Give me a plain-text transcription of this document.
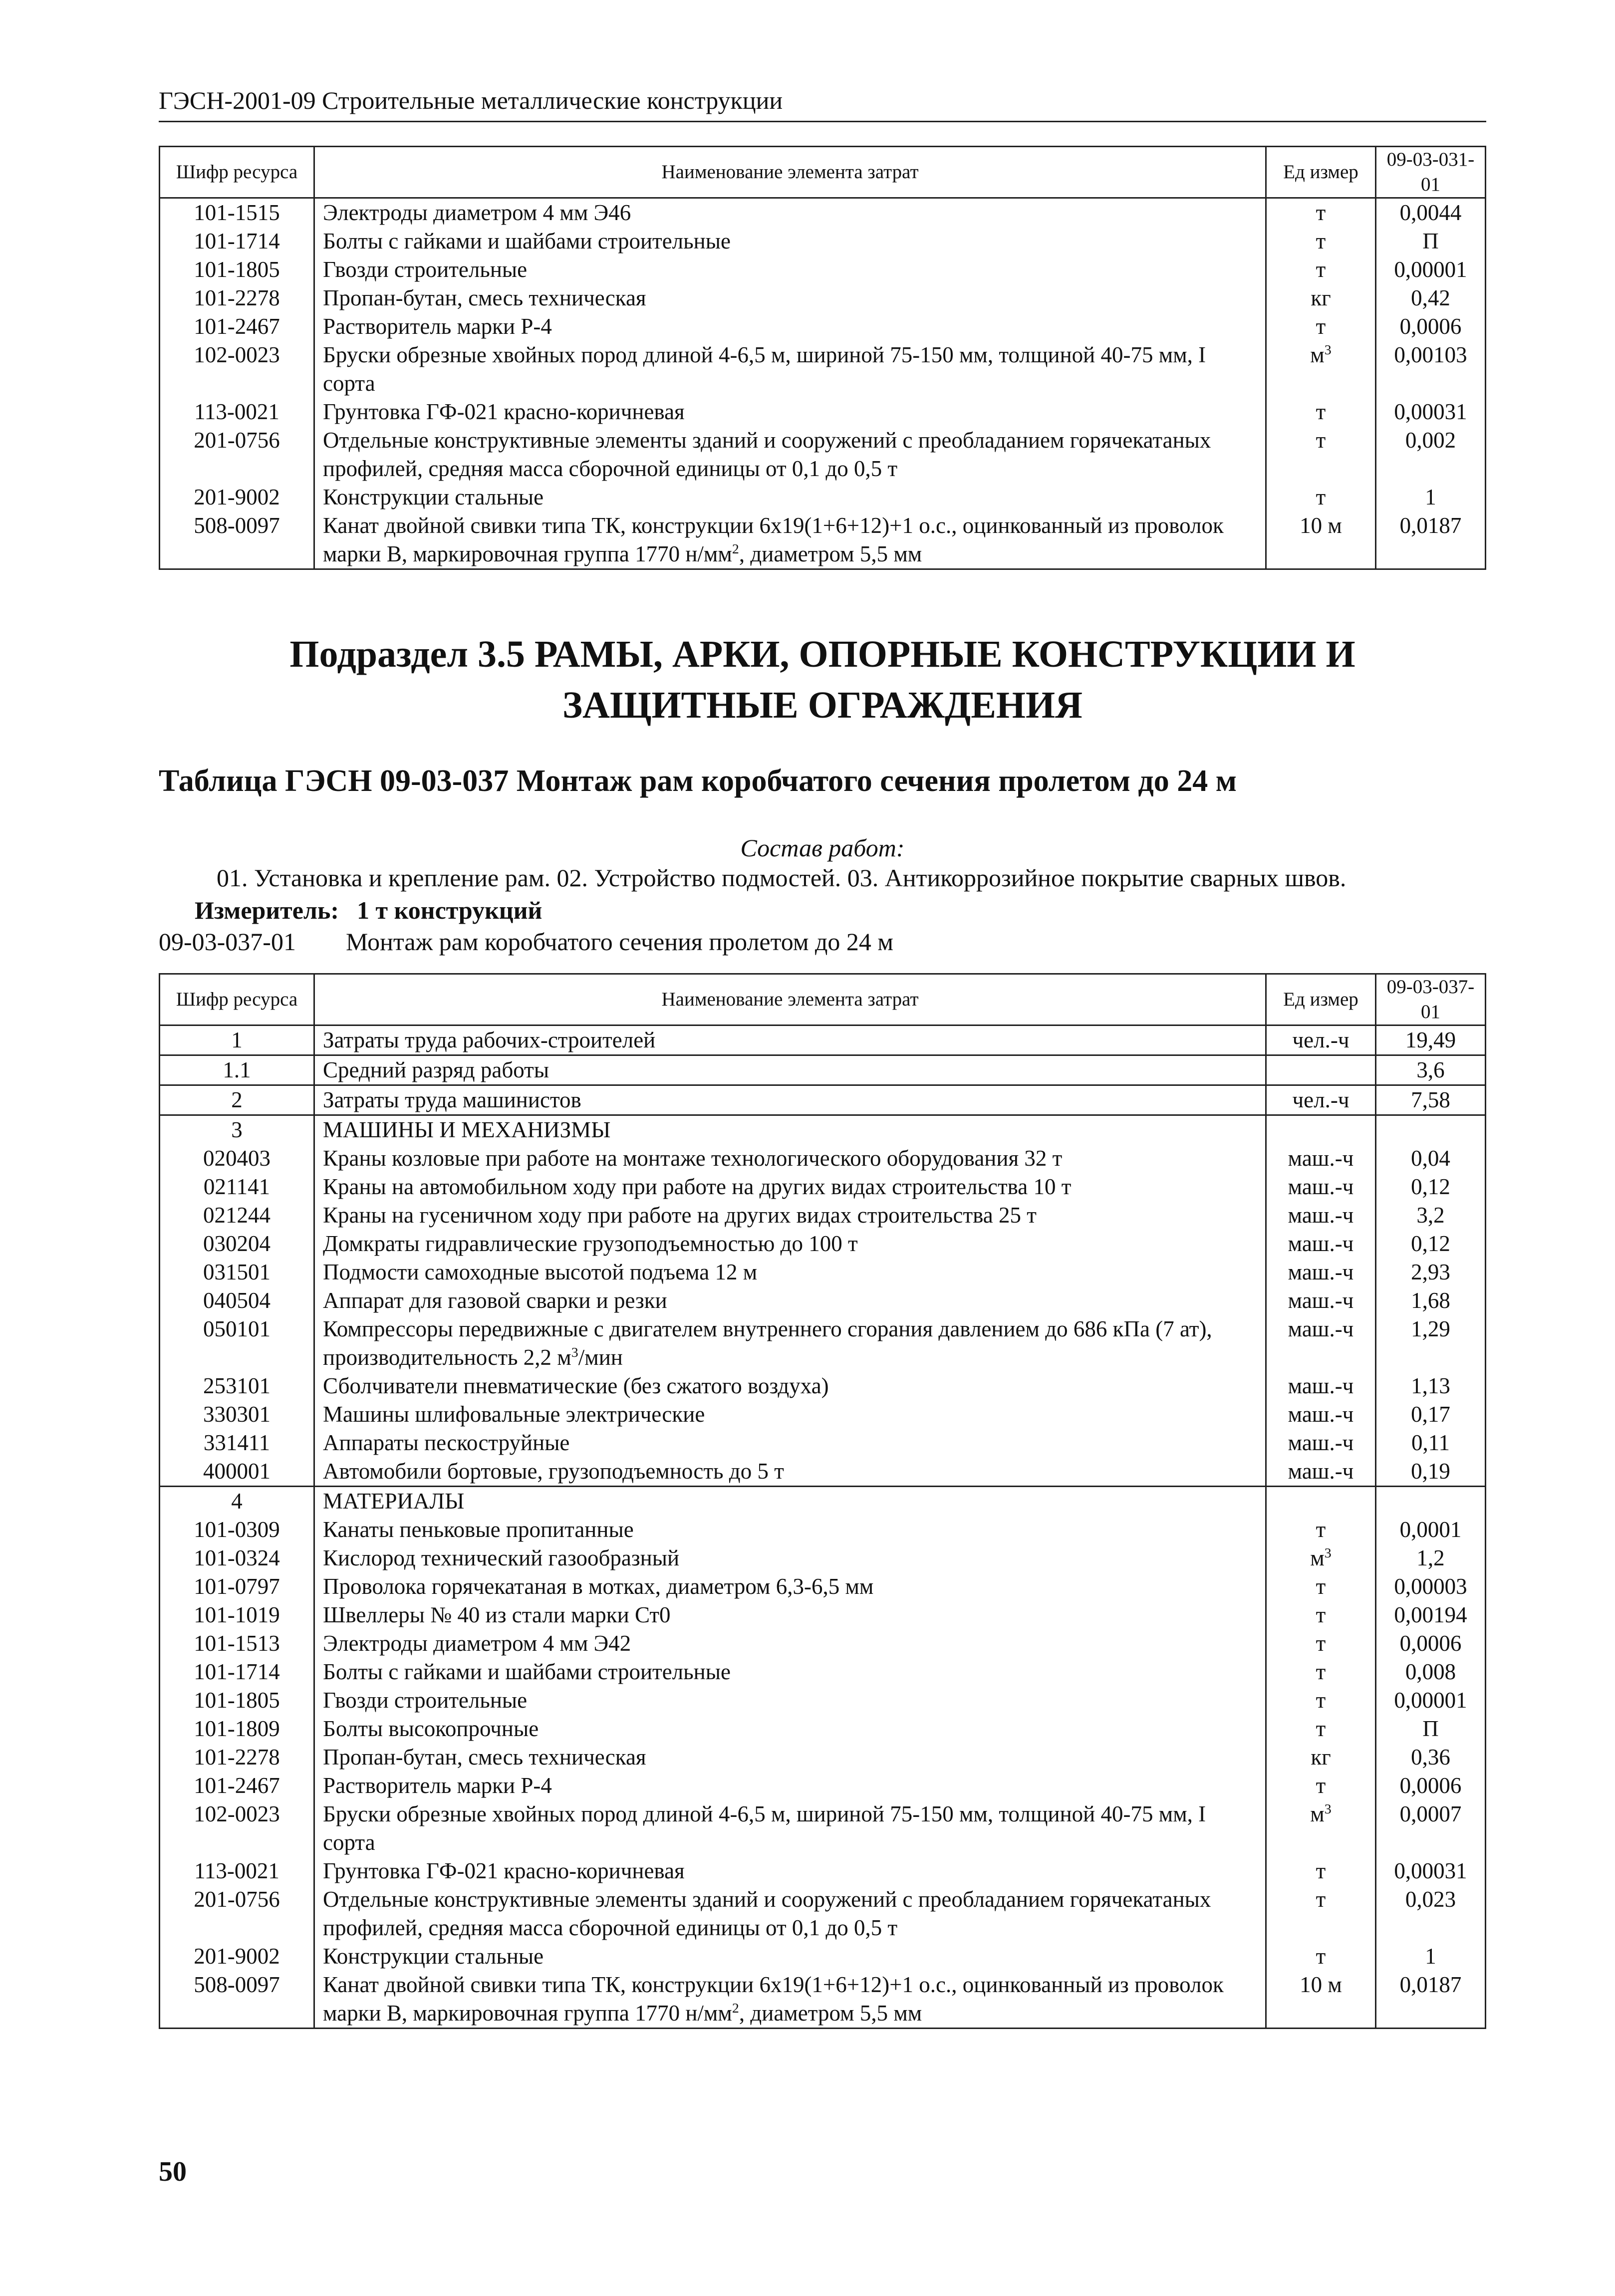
ГЭСН-2001-09 Строительные металлические конструкции
Шифр ресурса	Наименование элемента затрат	Ед измер	09-03-031-01
101-1515	Электроды диаметром 4 мм Э46	т	0,0044
101-1714	Болты с гайками и шайбами строительные	т	П
101-1805	Гвозди строительные	т	0,00001
101-2278	Пропан-бутан, смесь техническая	кг	0,42
101-2467	Растворитель марки Р-4	т	0,0006
102-0023	Бруски обрезные хвойных пород длиной 4-6,5 м, шириной 75-150 мм, толщиной 40-75 мм, I сорта	$м^3$	0,00103
113-0021	Грунтовка ГФ-021 красно-коричневая	т	0,00031
201-0756	Отдельные конструктивные элементы зданий и сооружений с преобладанием горячекатаных профилей, средняя масса сборочной единицы от 0,1 до 0,5 т	т	0,002
201-9002	Конструкции стальные	т	1
508-0097	Канат двойной свивки типа ТК, конструкции 6х19(1+6+12)+1 о.с., оцинкованный из проволок марки В, маркировочная группа 1770 $н/мм^2$, диаметром 5,5 мм	10 м	0,0187
Подраздел 3.5 РАМЫ, АРКИ, ОПОРНЫЕ КОНСТРУКЦИИ И
ЗАЩИТНЫЕ ОГРАЖДЕНИЯ
Таблица ГЭСН 09-03-037 Монтаж рам коробчатого сечения пролетом до 24 м
Состав работ:
01. Установка и крепление рам. 02. Устройство подмостей. 03. Антикоррозийное покрытие сварных швов.
Измеритель: 1 т конструкций
09-03-037-01 Монтаж рам коробчатого сечения пролетом до 24 м
Шифр ресурса	Наименование элемента затрат	Ед измер	09-03-037-01
1	Затраты труда рабочих-строителей	чел.-ч	19,49
1.1	Средний разряд работы		3,6
2	Затраты труда машинистов	чел.-ч	7,58
3	МАШИНЫ И МЕХАНИЗМЫ		
020403	Краны козловые при работе на монтаже технологического оборудования 32 т	маш.-ч	0,04
021141	Краны на автомобильном ходу при работе на других видах строительства 10 т	маш.-ч	0,12
021244	Краны на гусеничном ходу при работе на других видах строительства 25 т	маш.-ч	3,2
030204	Домкраты гидравлические грузоподъемностью до 100 т	маш.-ч	0,12
031501	Подмости самоходные высотой подъема 12 м	маш.-ч	2,93
040504	Аппарат для газовой сварки и резки	маш.-ч	1,68
050101	Компрессоры передвижные с двигателем внутреннего сгорания давлением до 686 кПа (7 ат), производительность 2,2 $м^3$/мин	маш.-ч	1,29
253101	Сболчиватели пневматические (без сжатого воздуха)	маш.-ч	1,13
330301	Машины шлифовальные электрические	маш.-ч	0,17
331411	Аппараты пескоструйные	маш.-ч	0,11
400001	Автомобили бортовые, грузоподъемность до 5 т	маш.-ч	0,19
4	МАТЕРИАЛЫ		
101-0309	Канаты пеньковые пропитанные	т	0,0001
101-0324	Кислород технический газообразный	$м^3$	1,2
101-0797	Проволока горячекатаная в мотках, диаметром 6,3-6,5 мм	т	0,00003
101-1019	Швеллеры № 40 из стали марки Ст0	т	0,00194
101-1513	Электроды диаметром 4 мм Э42	т	0,0006
101-1714	Болты с гайками и шайбами строительные	т	0,008
101-1805	Гвозди строительные	т	0,00001
101-1809	Болты высокопрочные	т	П
101-2278	Пропан-бутан, смесь техническая	кг	0,36
101-2467	Растворитель марки Р-4	т	0,0006
102-0023	Бруски обрезные хвойных пород длиной 4-6,5 м, шириной 75-150 мм, толщиной 40-75 мм, I сорта	$м^3$	0,0007
113-0021	Грунтовка ГФ-021 красно-коричневая	т	0,00031
201-0756	Отдельные конструктивные элементы зданий и сооружений с преобладанием горячекатаных профилей, средняя масса сборочной единицы от 0,1 до 0,5 т	т	0,023
201-9002	Конструкции стальные	т	1
508-0097	Канат двойной свивки типа ТК, конструкции 6х19(1+6+12)+1 о.с., оцинкованный из проволок марки В, маркировочная группа 1770 $н/мм^2$, диаметром 5,5 мм	10 м	0,0187
50
